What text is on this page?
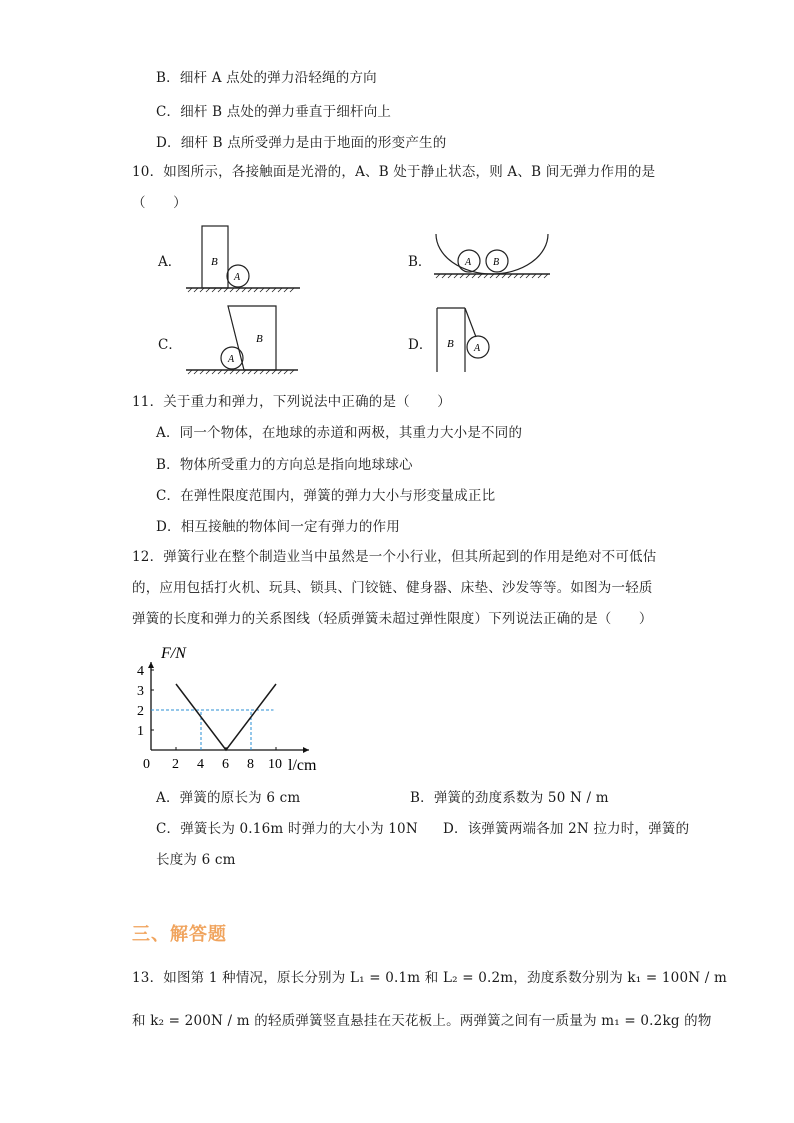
B．细杆 A 点处的弹力沿轻绳的方向
C．细杆 B 点处的弹力垂直于细杆向上
D．细杆 B 点所受弹力是由于地面的形变产生的
10．如图所示，各接触面是光滑的，A、B 处于静止状态，则 A、B 间无弹力作用的是
（　　）
A．	B
A
B．	A B
C．	B
A
D． B A
11．关于重力和弹力，下列说法中正确的是（　　）
A．同一个物体，在地球的赤道和两极，其重力大小是不同的
B．物体所受重力的方向总是指向地球球心
C．在弹性限度范围内，弹簧的弹力大小与形变量成正比
D．相互接触的物体间一定有弹力的作用
12．弹簧行业在整个制造业当中虽然是一个小行业，但其所起到的作用是绝对不可低估
的，应用包括打火机、玩具、锁具、门铰链、健身器、床垫、沙发等等。如图为一轻质
弹簧的长度和弹力的关系图线（轻质弹簧未超过弹性限度）下列说法正确的是（　　）
0 2 4 6 8 10
1
2
3
4
F/N
l/cm
A．弹簧的原长为 6 cm	B．弹簧的劲度系数为 50 N / m
C．弹簧长为 0.16m 时弹力的大小为 10N D．该弹簧两端各加 2N 拉力时，弹簧的
长度为 6 cm
三、解答题
13．如图第 1 种情况，原长分别为 L₁ = 0.1m 和 L₂ = 0.2m，劲度系数分别为 k₁ = 100N / m
和 k₂ = 200N / m 的轻质弹簧竖直悬挂在天花板上。两弹簧之间有一质量为 m₁ = 0.2kg 的物
